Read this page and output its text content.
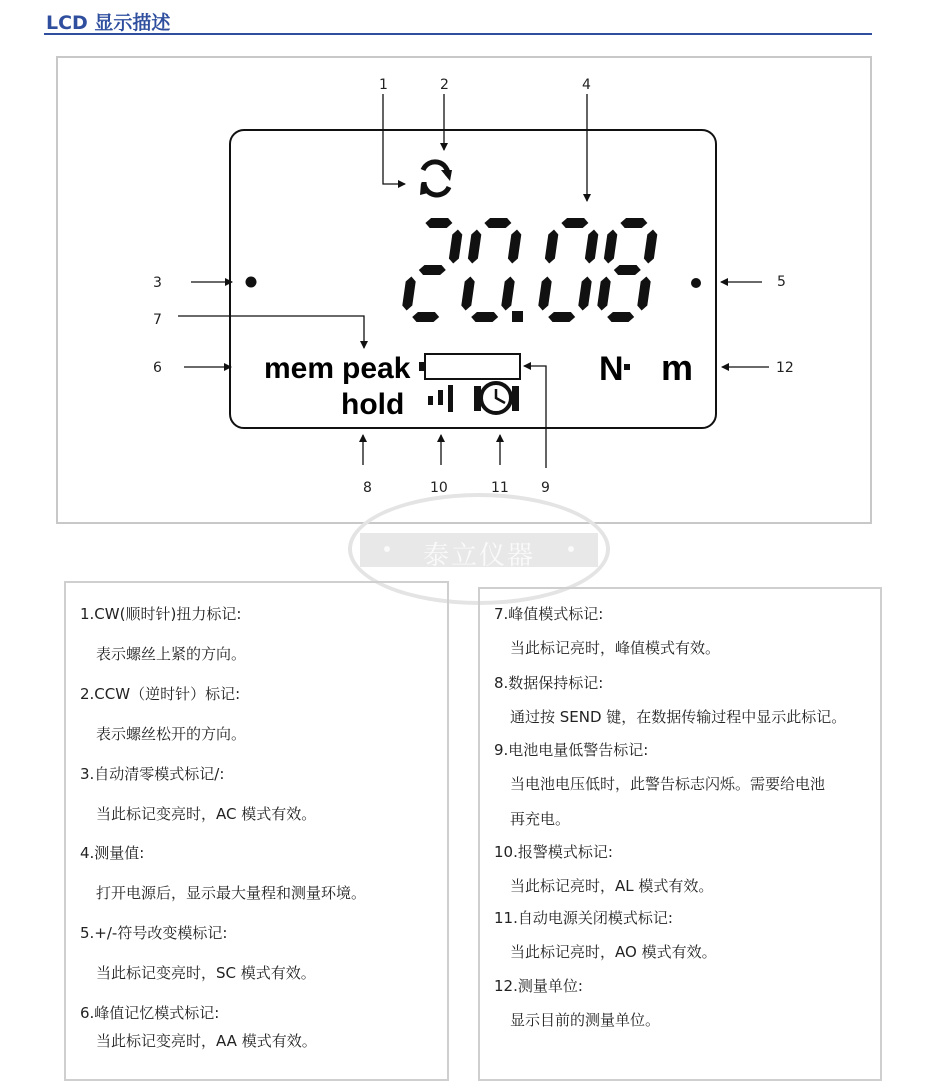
LCD 显示描述
mem peak
hold
N m
1	2
3
4
5
6
7
8	9
10	11
12
泰立仪器
1.CW(顺时针)扭力标记:
表示螺丝上紧的方向。
2.CCW（逆时针）标记:
表示螺丝松开的方向。
3.自动清零模式标记/:
当此标记变亮时，AC 模式有效。
4.测量值:
打开电源后，显示最大量程和测量环境。
5.+/-符号改变模标记:
当此标记变亮时，SC 模式有效。
6.峰值记忆模式标记:
当此标记变亮时，AA 模式有效。
7.峰值模式标记:
当此标记亮时，峰值模式有效。
8.数据保持标记:
通过按 SEND 键，在数据传输过程中显示此标记。
9.电池电量低警告标记:
当电池电压低时，此警告标志闪烁。需要给电池
再充电。
10.报警模式标记:
当此标记亮时，AL 模式有效。
11.自动电源关闭模式标记:
当此标记亮时，AO 模式有效。
12.测量单位:
显示目前的测量单位。
